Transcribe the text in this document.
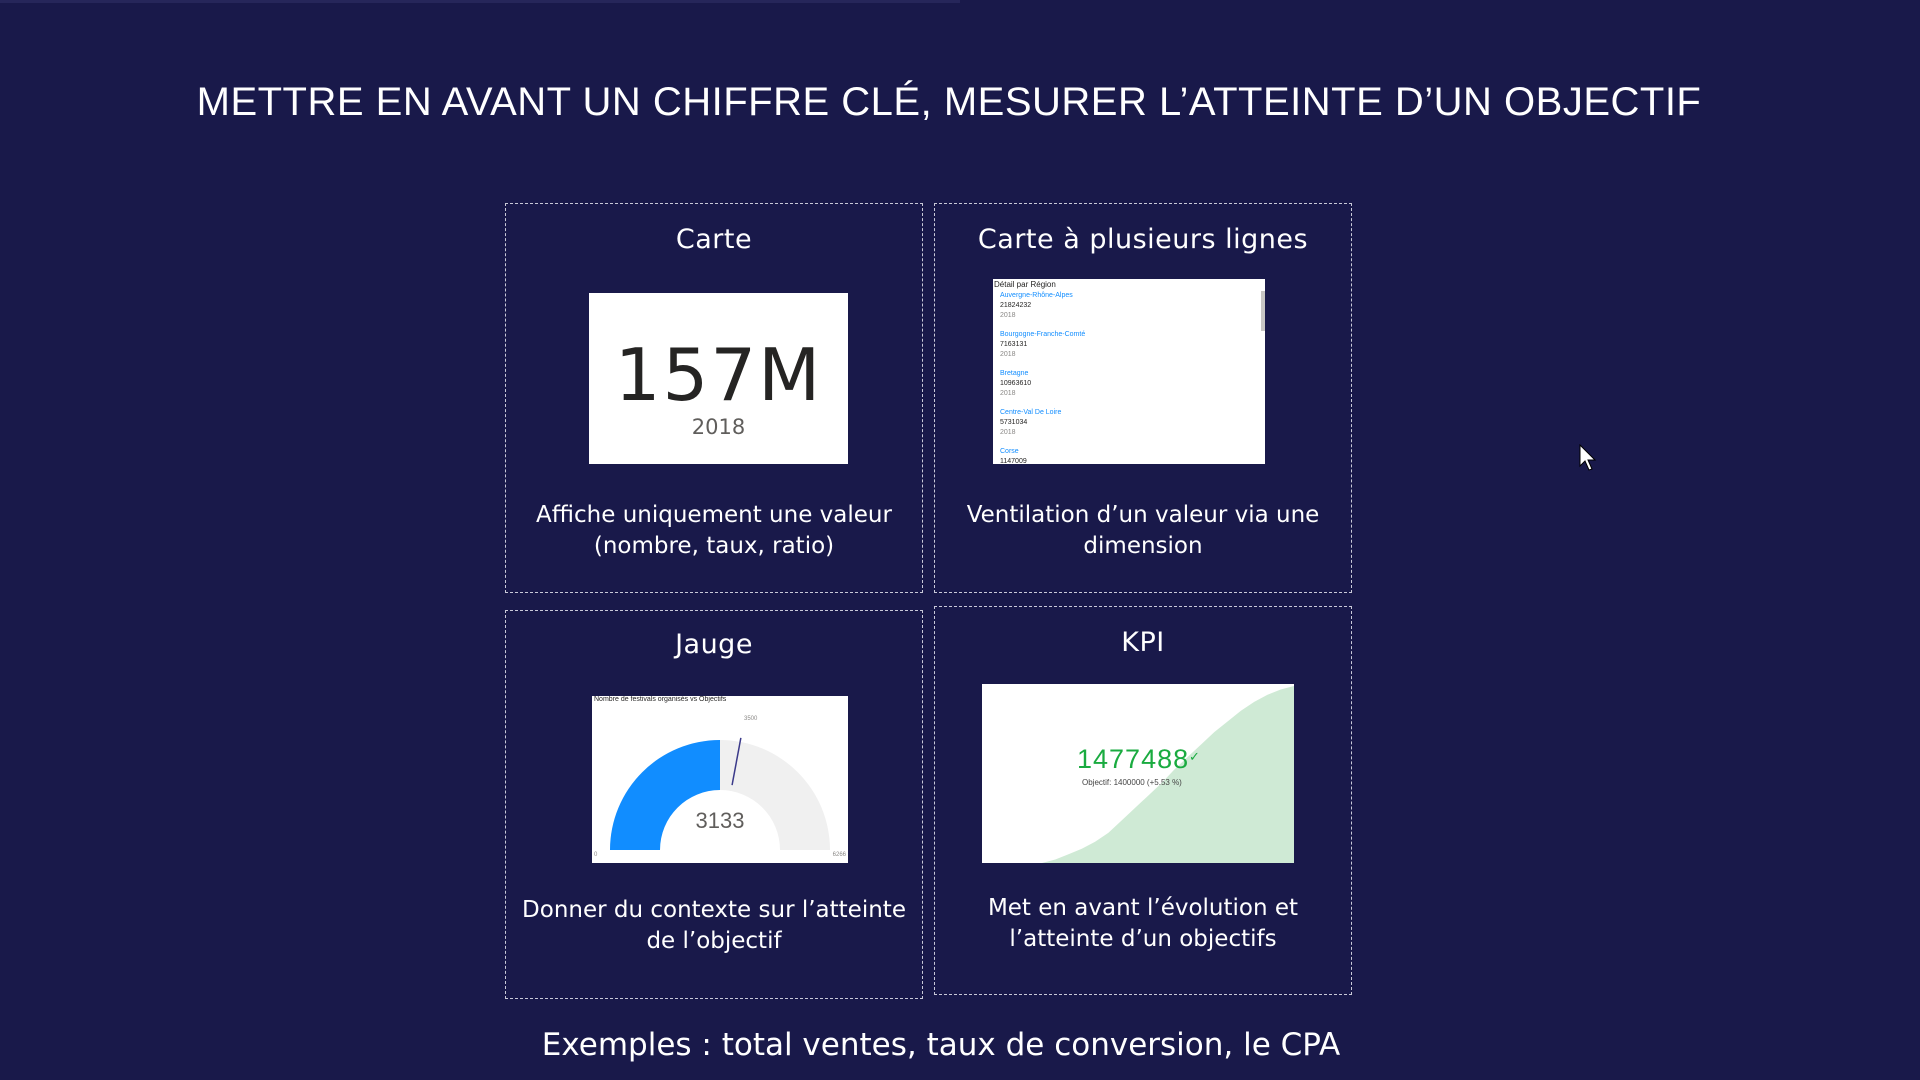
METTRE EN AVANT UN CHIFFRE CLÉ, MESURER L’ATTEINTE D’UN OBJECTIF
Carte
157M
2018
Affiche uniquement une valeur
(nombre, taux, ratio)
Carte à plusieurs lignes
Détail par Région
Auvergne-Rhône-Alpes
21824232
2018
Bourgogne-Franche-Comté
7163131
2018
Bretagne
10963610
2018
Centre-Val De Loire
5731034
2018
Corse
1147009
Ventilation d’un valeur via une
dimension
Jauge
Nombre de festivals organisés vs Objectifs
3500
3133
0	6266
Donner du contexte sur l’atteinte
de l’objectif
KPI
1477488 ✓
Objectif: 1400000 (+5.53 %)
Met en avant l’évolution et
l’atteinte d’un objectifs
Exemples : total ventes, taux de conversion, le CPA
